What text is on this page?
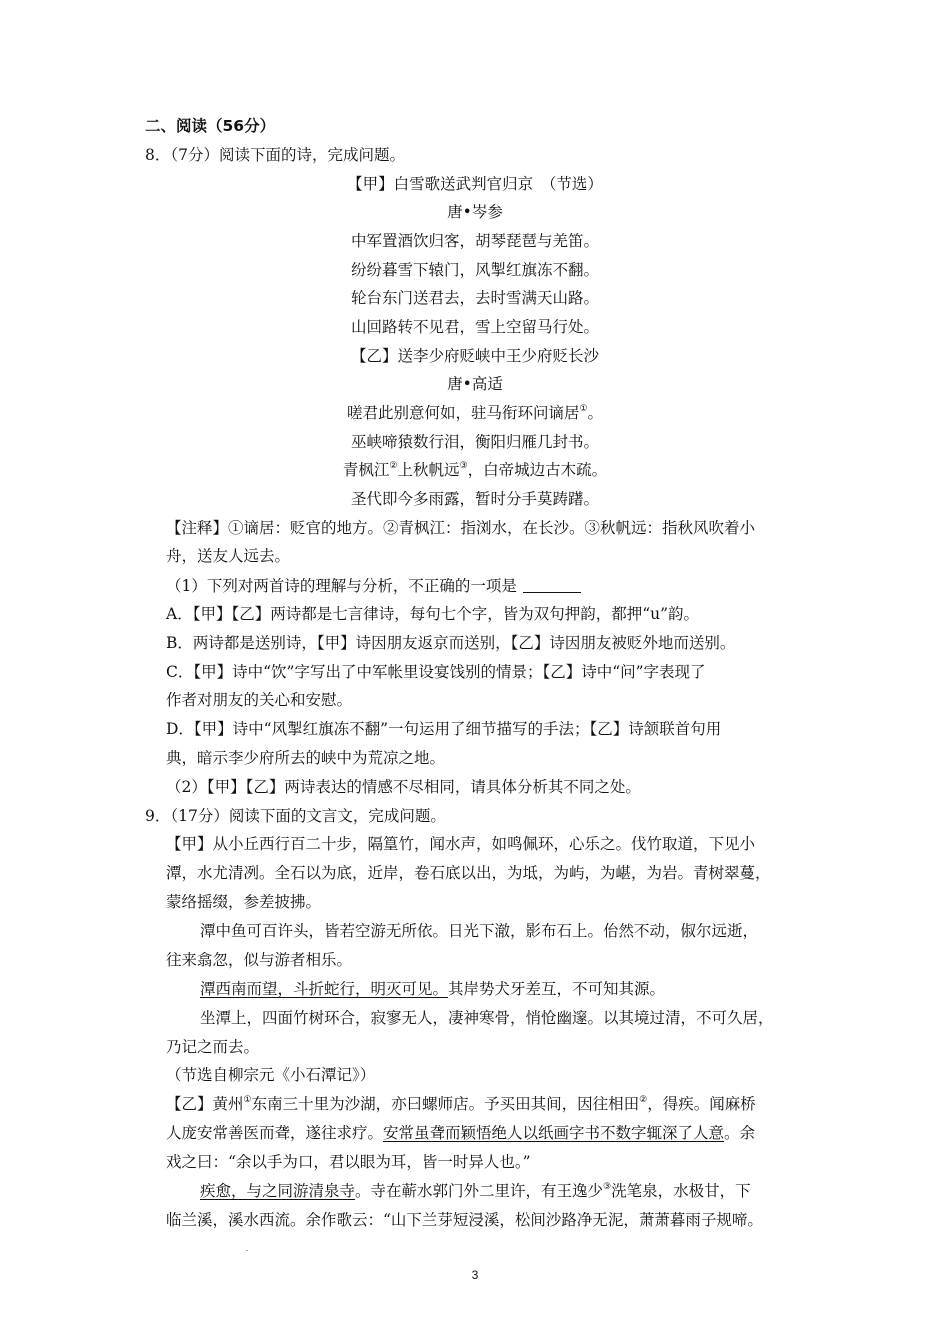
二、阅读（56分）
8．（7分）阅读下面的诗，完成问题。
【甲】白雪歌送武判官归京　（节选）
唐•岑参
中军置酒饮归客，胡琴琵琶与羌笛。
纷纷暮雪下辕门，风掣红旗冻不翻。
轮台东门送君去，去时雪满天山路。
山回路转不见君，雪上空留马行处。
【乙】送李少府贬峡中王少府贬长沙
唐•高适
嗟君此别意何如，驻马衔环问谪居①。
巫峡啼猿数行泪，衡阳归雁几封书。
青枫江②上秋帆远③，白帝城边古木疏。
圣代即今多雨露，暂时分手莫踌躇。
【注释】①谪居：贬官的地方。②青枫江：指浏水，在长沙。③秋帆远：指秋风吹着小
舟，送友人远去。
（1）下列对两首诗的理解与分析，不正确的一项是
A．【甲】【乙】两诗都是七言律诗，每句七个字，皆为双句押韵，都押“u”韵。
B．两诗都是送别诗，【甲】诗因朋友返京而送别，【乙】诗因朋友被贬外地而送别。
C．【甲】诗中“饮”字写出了中军帐里设宴饯别的情景；【乙】诗中“问”字表现了
作者对朋友的关心和安慰。
D．【甲】诗中“风掣红旗冻不翻”一句运用了细节描写的手法；【乙】诗颔联首句用
典，暗示李少府所去的峡中为荒凉之地。
（2）【甲】【乙】两诗表达的情感不尽相同，请具体分析其不同之处。
9．（17分）阅读下面的文言文，完成问题。
【甲】从小丘西行百二十步，隔篁竹，闻水声，如鸣佩环，心乐之。伐竹取道，下见小
潭，水尤清冽。全石以为底，近岸，卷石底以出，为坻，为屿，为嵁，为岩。青树翠蔓，
蒙络摇缀，参差披拂。
潭中鱼可百许头，皆若空游无所依。日光下澈，影布石上。佁然不动，俶尔远逝，
往来翕忽，似与游者相乐。
潭西南而望，斗折蛇行，明灭可见。其岸势犬牙差互，不可知其源。
坐潭上，四面竹树环合，寂寥无人，凄神寒骨，悄怆幽邃。以其境过清，不可久居，
乃记之而去。
（节选自柳宗元《小石潭记》）
【乙】黄州①东南三十里为沙湖，亦曰螺师店。予买田其间，因往相田②，得疾。闻麻桥
人庞安常善医而聋，遂往求疗。安常虽聋而颖悟绝人以纸画字书不数字辄深了人意。余
戏之曰：“余以手为口，君以眼为耳，皆一时异人也。”
疾愈，与之同游清泉寺。寺在蕲水郭门外二里许，有王逸少③洗笔泉，水极甘，下
临兰溪，溪水西流。余作歌云：“山下兰芽短浸溪，松间沙路净无泥，萧萧暮雨子规啼。
3
